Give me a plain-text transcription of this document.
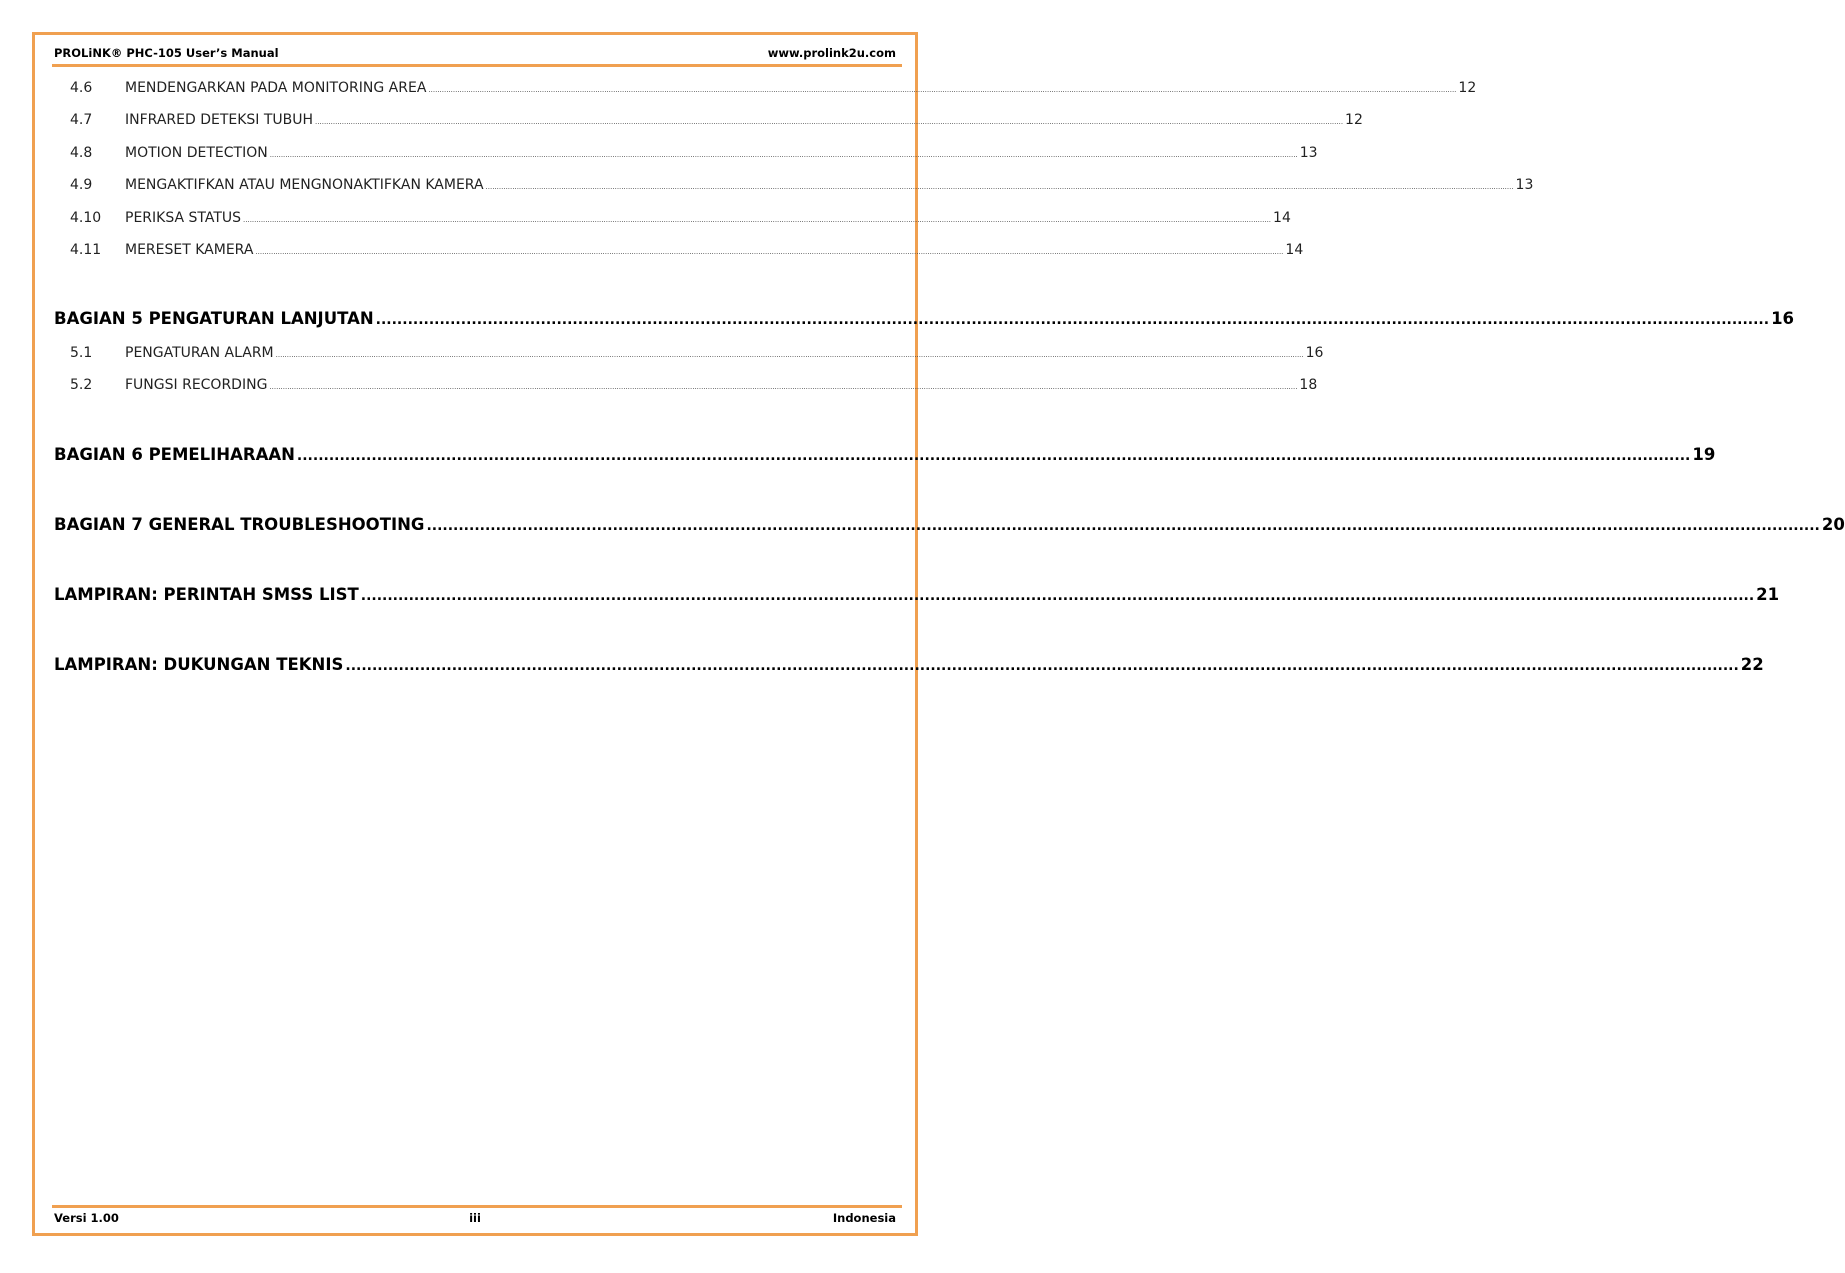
PROLiNK® PHC-105 User’s Manual	www.prolink2u.com
4.6	MENDENGARKAN PADA MONITORING AREA .............................................................................................................................................................................................................................................................................................................................................................................................................................................................................. 12
4.7	INFRARED DETEKSI TUBUH .............................................................................................................................................................................................................................................................................................................................................................................................................................................................................. 12
4.8	MOTION DETECTION .............................................................................................................................................................................................................................................................................................................................................................................................................................................................................. 13
4.9	MENGAKTIFKAN ATAU MENGNONAKTIFKAN KAMERA .............................................................................................................................................................................................................................................................................................................................................................................................................................................................................. 13
4.10	PERIKSA STATUS .............................................................................................................................................................................................................................................................................................................................................................................................................................................................................. 14
4.11	MERESET KAMERA .............................................................................................................................................................................................................................................................................................................................................................................................................................................................................. 14
BAGIAN 5 PENGATURAN LANJUTAN ...................................................................................................................................................................................................................................................................... 16
5.1	PENGATURAN ALARM .............................................................................................................................................................................................................................................................................................................................................................................................................................................................................. 16
5.2	FUNGSI RECORDING .............................................................................................................................................................................................................................................................................................................................................................................................................................................................................. 18
BAGIAN 6 PEMELIHARAAN ...................................................................................................................................................................................................................................................................... 19
BAGIAN 7 GENERAL TROUBLESHOOTING ...................................................................................................................................................................................................................................................................... 20
LAMPIRAN: PERINTAH SMSS LIST ...................................................................................................................................................................................................................................................................... 21
LAMPIRAN: DUKUNGAN TEKNIS ...................................................................................................................................................................................................................................................................... 22
Versi 1.00	iii	Indonesia
